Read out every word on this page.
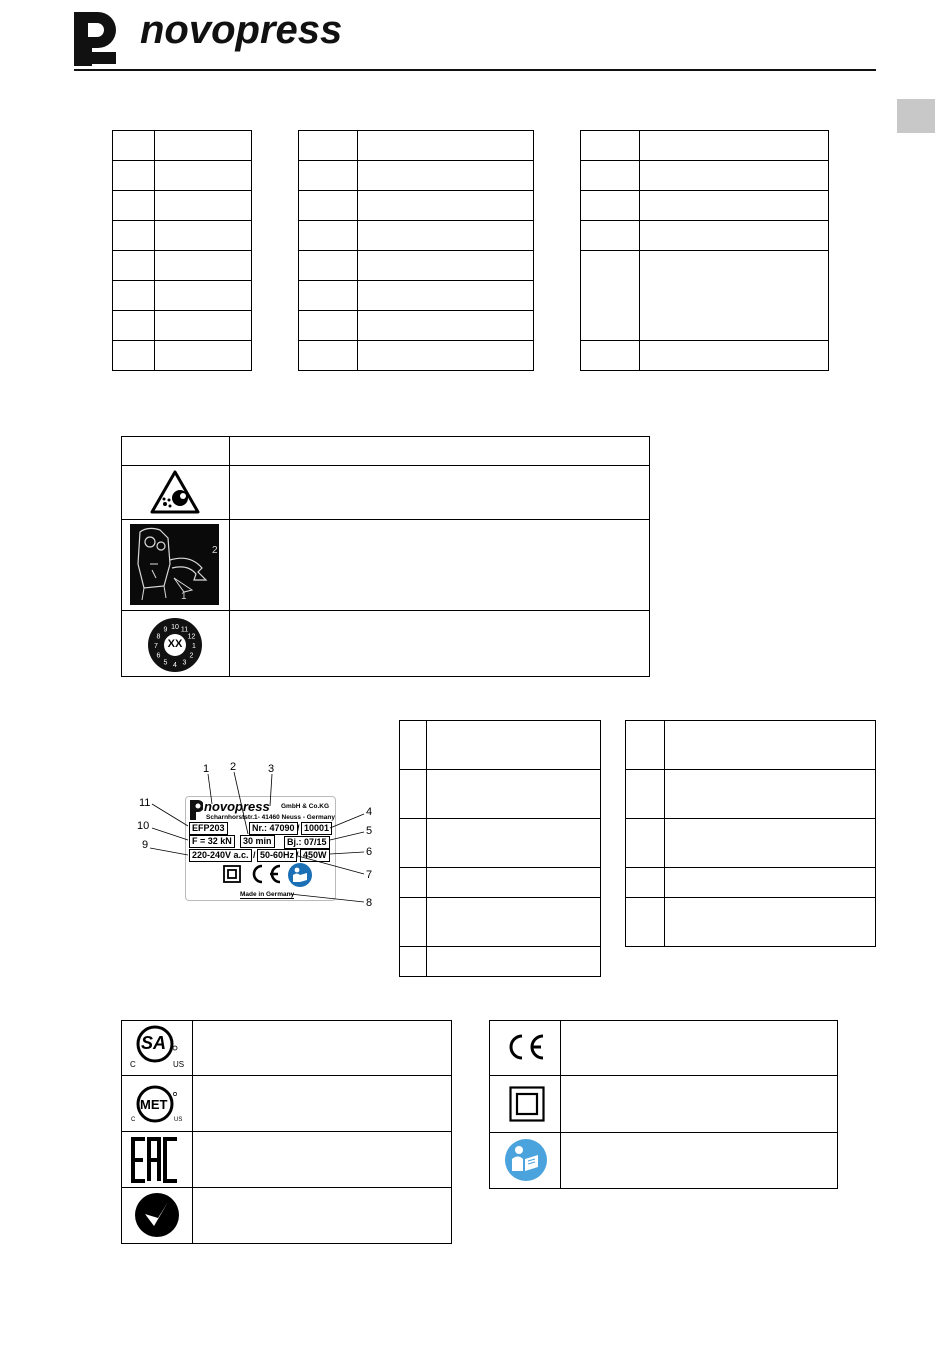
novopress

2
1
10 11
12
1
2
3
4
5
6
7
8
9
XX
novopress GmbH & Co.KG
Scharnhorststr.1- 41460 Neuss - Germany
EFP203	Nr.: 47090 / 10001
F = 32 kN	30 min	Bj.: 07/15
220-240V a.c. / 50-60Hz / 450W
Made in Germany
1 2	3
4
5
6
7
8
9
10
11

SA
C	US
MET
C	US
